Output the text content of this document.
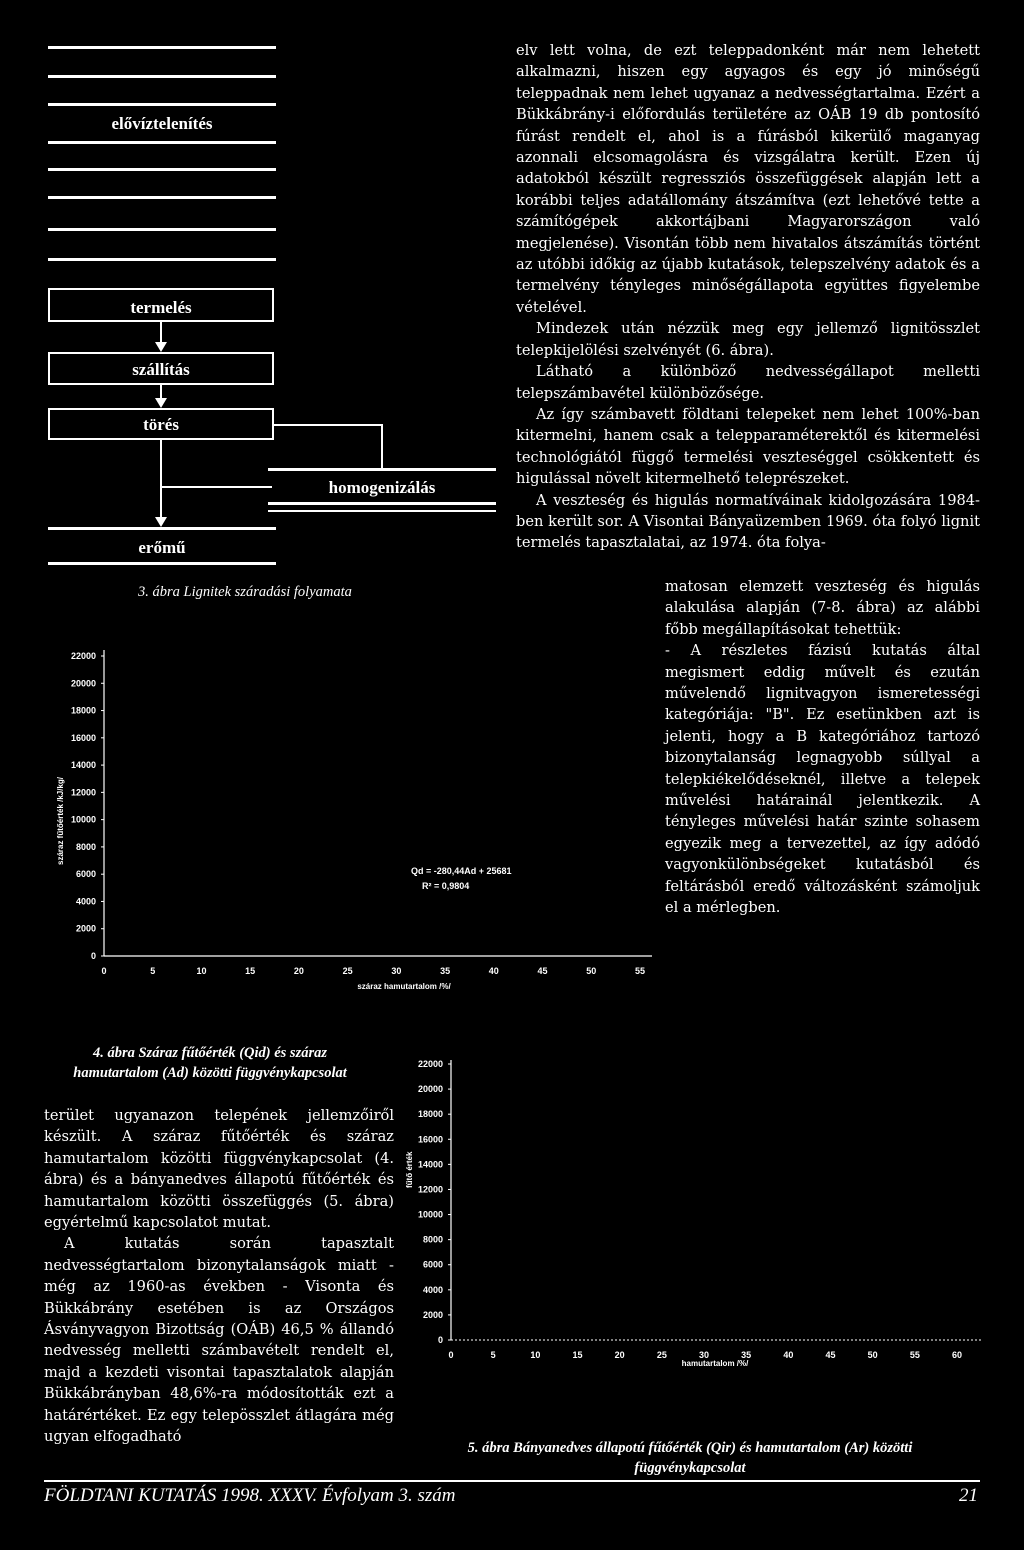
elővíztelenítés
termelés
szállítás
törés
homogenizálás
erőmű
3. ábra Lignitek száradási folyamata

elv lett volna, de ezt teleppadonként már nem lehetett alkalmazni, hiszen egy agyagos és egy jó minőségű teleppadnak nem lehet ugyanaz a nedvességtartalma. Ezért a Bükkábrány-i előfordulás területére az OÁB 19 db pontosító fúrást rendelt el, ahol is a fúrásból kikerülő maganyag azonnali elcsomagolásra és vizsgálatra került. Ezen új adatokból készült regressziós összefüggések alapján lett a korábbi teljes adatállomány átszámítva (ezt lehetővé tette a számítógépek akkortájbani Magyarországon való megjelenése). Visontán több nem hivatalos átszámítás történt az utóbbi időkig az újabb kutatások, telepszelvény adatok és a termelvény tényleges minőségállapota együttes figyelembe vételével.

Mindezek után nézzük meg egy jellemző lignitösszlet telepkijelölési szelvényét (6. ábra).

Látható a különböző nedvességállapot melletti telepszámbavétel különbözősége.

Az így számbavett földtani telepeket nem lehet 100%-ban kitermelni, hanem csak a telepparaméterektől és kitermelési technológiától függő termelési veszteséggel csökkentett és higulással növelt kitermelhető teleprészeket.

A veszteség és higulás normatíváinak kidolgozására 1984-ben került sor. A Visontai Bányaüzemben 1969. óta folyó lignit termelés tapasztalatai, az 1974. óta folya-

matosan elemzett veszteség és higulás alakulása alapján (7-8. ábra) az alábbi főbb megállapításokat tehettük:

- A részletes fázisú kutatás által megismert eddig művelt és ezután művelendő lignitvagyon ismeretességi kategóriája: "B". Ez esetünkben azt is jelenti, hogy a B kategóriához tartozó bizonytalanság legnagyobb súllyal a telepkiékelődéseknél, illetve a telepek művelési határainál jelentkezik. A tényleges művelési határ szinte sohasem egyezik meg a tervezettel, az így adódó vagyonkülönbségeket kutatásból és feltárásból eredő változásként számoljuk el a mérlegben.

száraz fűtőérték /kJ/kg/
22000
20000
18000
16000
14000
12000
10000
8000
6000
4000
2000
0
0	5	10	15	20	25	30	35	40	45	50	55
száraz hamutartalom /%/
Qd = -280,44Ad + 25681
R² = 0,9804
4. ábra Száraz fűtőérték (Qid) és száraz
hamutartalom (Ad) közötti függvénykapcsolat

terület ugyanazon telepének jellemzőiről készült. A száraz fűtőérték és száraz hamutartalom közötti függvénykapcsolat (4. ábra) és a bányanedves állapotú fűtőérték és hamutartalom közötti összefüggés (5. ábra) egyértelmű kapcsolatot mutat.

A kutatás során tapasztalt nedvességtartalom bizonytalanságok miatt - még az 1960-as években - Visonta és Bükkábrány esetében is az Országos Ásványvagyon Bizottság (OÁB) 46,5 % állandó nedvesség melletti számbavételt rendelt el, majd a kezdeti visontai tapasztalatok alapján Bükkábrányban 48,6%-ra módosították ezt a határértéket. Ez egy telepösszlet átlagára még ugyan elfogadható

fűtő érték
22000
20000
18000
16000
14000
12000
10000
8000
6000
4000
2000
0
0	5	10	15	20	25	30	35	40	45	50	55	60
hamutartalom /%/
5. ábra Bányanedves állapotú fűtőérték (Qir) és hamutartalom (Ar) közötti
függvénykapcsolat
FÖLDTANI KUTATÁS 1998. XXXV. Évfolyam 3. szám	21
